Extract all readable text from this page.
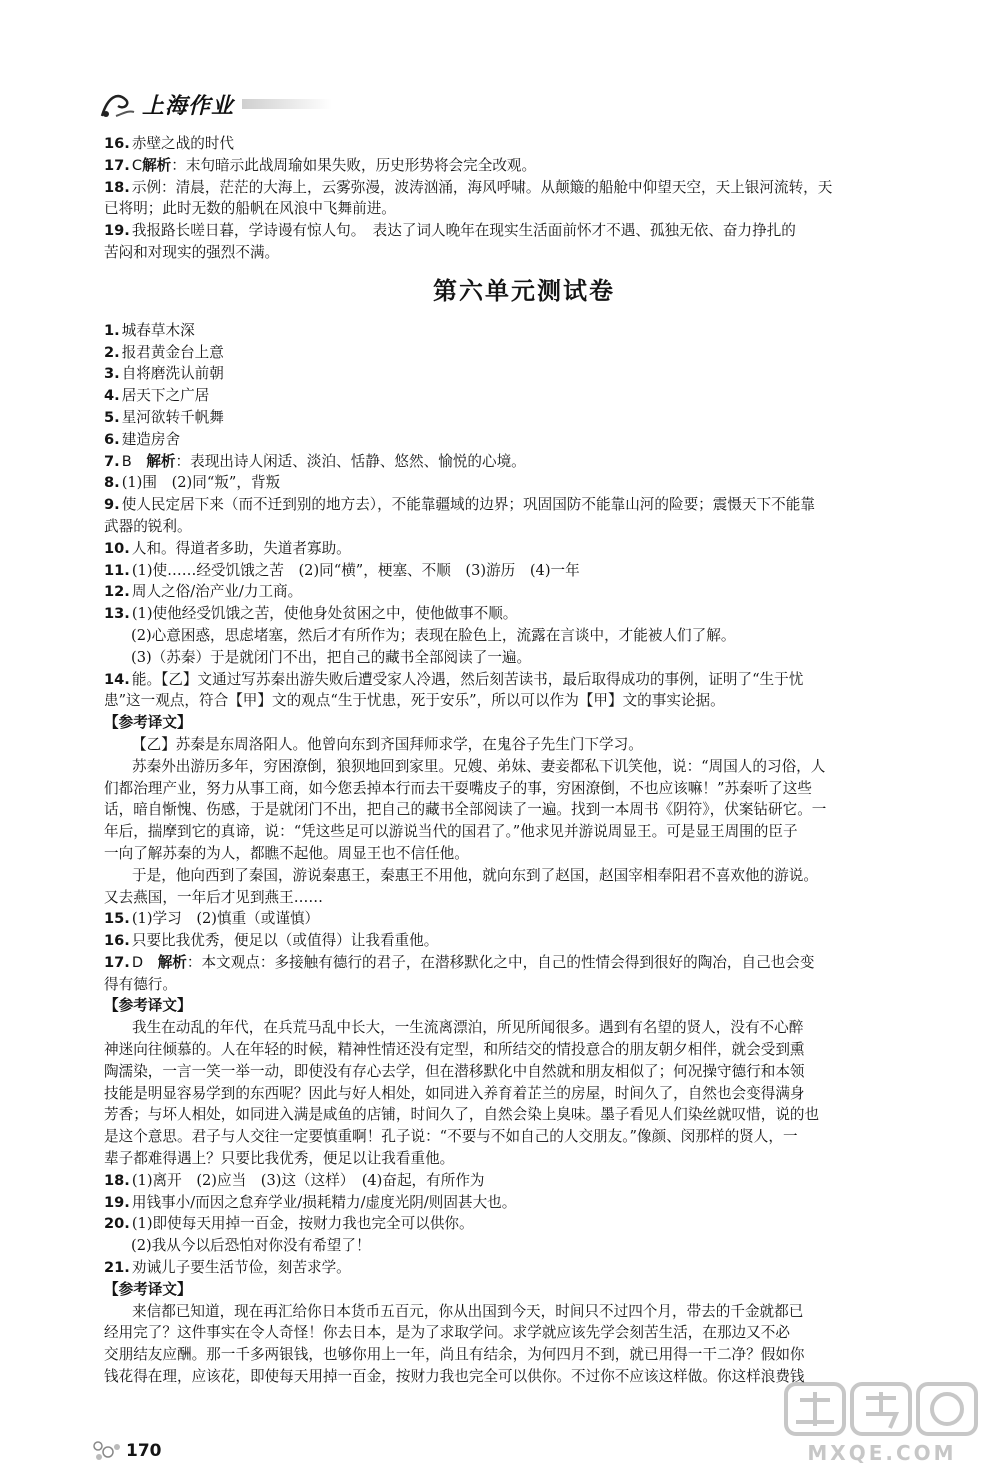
上海作业
16. 赤壁之战的时代
17. C解析：末句暗示此战周瑜如果失败，历史形势将会完全改观。
18. 示例：清晨，茫茫的大海上，云雾弥漫，波涛汹涌，海风呼啸。从颠簸的船舱中仰望天空，天上银河流转，天
已将明；此时无数的船帆在风浪中飞舞前进。
19. 我报路长嗟日暮，学诗谩有惊人句。　表达了词人晚年在现实生活面前怀才不遇、孤独无依、奋力挣扎的
苦闷和对现实的强烈不满。
第六单元测试卷
1. 城春草木深
2. 报君黄金台上意
3. 自将磨洗认前朝
4. 居天下之广居
5. 星河欲转千帆舞
6. 建造房舍
7. B　解析：表现出诗人闲适、淡泊、恬静、悠然、愉悦的心境。
8. (1)围　(2)同“叛”，背叛
9. 使人民定居下来（而不迁到别的地方去），不能靠疆域的边界；巩固国防不能靠山河的险要；震慑天下不能靠
武器的锐利。
10. 人和。得道者多助，失道者寡助。
11. (1)使……经受饥饿之苦　(2)同“横”，梗塞、不顺　(3)游历　(4)一年
12. 周人之俗/治产业/力工商。
13. (1)使他经受饥饿之苦，使他身处贫困之中，使他做事不顺。
(2)心意困惑，思虑堵塞，然后才有所作为；表现在脸色上，流露在言谈中，才能被人们了解。
(3)（苏秦）于是就闭门不出，把自己的藏书全部阅读了一遍。
14. 能。【乙】文通过写苏秦出游失败后遭受家人冷遇，然后刻苦读书，最后取得成功的事例，证明了“生于忧
患”这一观点，符合【甲】文的观点“生于忧患，死于安乐”，所以可以作为【甲】文的事实论据。
【参考译文】
【乙】苏秦是东周洛阳人。他曾向东到齐国拜师求学，在鬼谷子先生门下学习。
苏秦外出游历多年，穷困潦倒，狼狈地回到家里。兄嫂、弟妹、妻妾都私下讥笑他，说：“周国人的习俗，人
们都治理产业，努力从事工商，如今您丢掉本行而去干耍嘴皮子的事，穷困潦倒，不也应该嘛！”苏秦听了这些
话，暗自惭愧、伤感，于是就闭门不出，把自己的藏书全部阅读了一遍。找到一本周书《阴符》，伏案钻研它。一
年后，揣摩到它的真谛，说：“凭这些足可以游说当代的国君了。”他求见并游说周显王。可是显王周围的臣子
一向了解苏秦的为人，都瞧不起他。周显王也不信任他。
于是，他向西到了秦国，游说秦惠王，秦惠王不用他，就向东到了赵国，赵国宰相奉阳君不喜欢他的游说。
又去燕国，一年后才见到燕王……
15. (1)学习　(2)慎重（或谨慎）
16. 只要比我优秀，便足以（或值得）让我看重他。
17. D　解析：本文观点：多接触有德行的君子，在潜移默化之中，自己的性情会得到很好的陶冶，自己也会变
得有德行。
【参考译文】
我生在动乱的年代，在兵荒马乱中长大，一生流离漂泊，所见所闻很多。遇到有名望的贤人，没有不心醉
神迷向往倾慕的。人在年轻的时候，精神性情还没有定型，和所结交的情投意合的朋友朝夕相伴，就会受到熏
陶濡染，一言一笑一举一动，即使没有存心去学，但在潜移默化中自然就和朋友相似了；何况操守德行和本领
技能是明显容易学到的东西呢？因此与好人相处，如同进入养育着芷兰的房屋，时间久了，自然也会变得满身
芳香；与坏人相处，如同进入满是咸鱼的店铺，时间久了，自然会染上臭味。墨子看见人们染丝就叹惜，说的也
是这个意思。君子与人交往一定要慎重啊！孔子说：“不要与不如自己的人交朋友。”像颜、闵那样的贤人，一
辈子都难得遇上？只要比我优秀，便足以让我看重他。
18. (1)离开　(2)应当　(3)这（这样）　(4)奋起，有所作为
19. 用钱事小/而因之怠弃学业/损耗精力/虚度光阴/则固甚大也。
20. (1)即使每天用掉一百金，按财力我也完全可以供你。
(2)我从今以后恐怕对你没有希望了！
21. 劝诫儿子要生活节俭，刻苦求学。
【参考译文】
来信都已知道，现在再汇给你日本货币五百元，你从出国到今天，时间只不过四个月，带去的千金就都已
经用完了？这件事实在令人奇怪！你去日本，是为了求取学问。求学就应该先学会刻苦生活，在那边又不必
交朋结友应酬。那一千多两银钱，也够你用上一年，尚且有结余，为何四月不到，就已用得一干二净？假如你
钱花得在理，应该花，即使每天用掉一百金，按财力我也完全可以供你。不过你不应该这样做。你这样浪费钱
170	MXQE.COM
